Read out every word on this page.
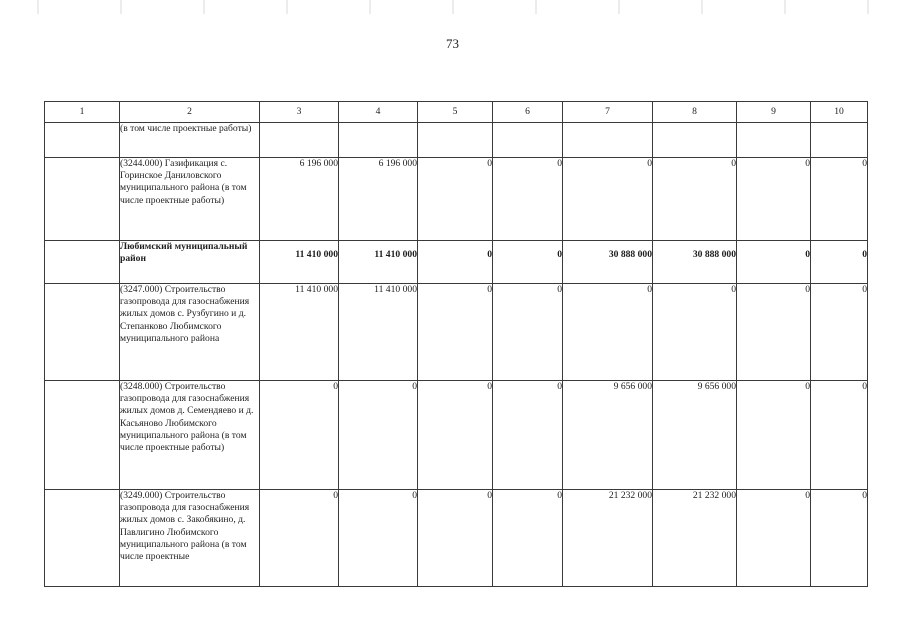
73
1	2	3	4	5	6	7	8	9	10
	(в том числе проектные работы)								
	(3244.000) Газификация с. Горинское Даниловского муниципального района (в том числе проектные работы)	6 196 000	6 196 000	0	0	0	0	0	0
	Любимский муниципальный район	11 410 000	11 410 000	0	0	30 888 000	30 888 000	0	0
	(3247.000) Строительство газопровода для газоснабжения жилых домов с. Рузбугино и д. Степанково Любимского муниципального района	11 410 000	11 410 000	0	0	0	0	0	0
	(3248.000) Строительство газопровода для газоснабжения жилых домов д. Семендяево и д. Касьяново Любимского муниципального района (в том числе проектные работы)	0	0	0	0	9 656 000	9 656 000	0	0
	(3249.000) Строительство газопровода для газоснабжения жилых домов с. Закобякино, д. Павлигино Любимского муниципального района (в том числе проектные	0	0	0	0	21 232 000	21 232 000	0	0
